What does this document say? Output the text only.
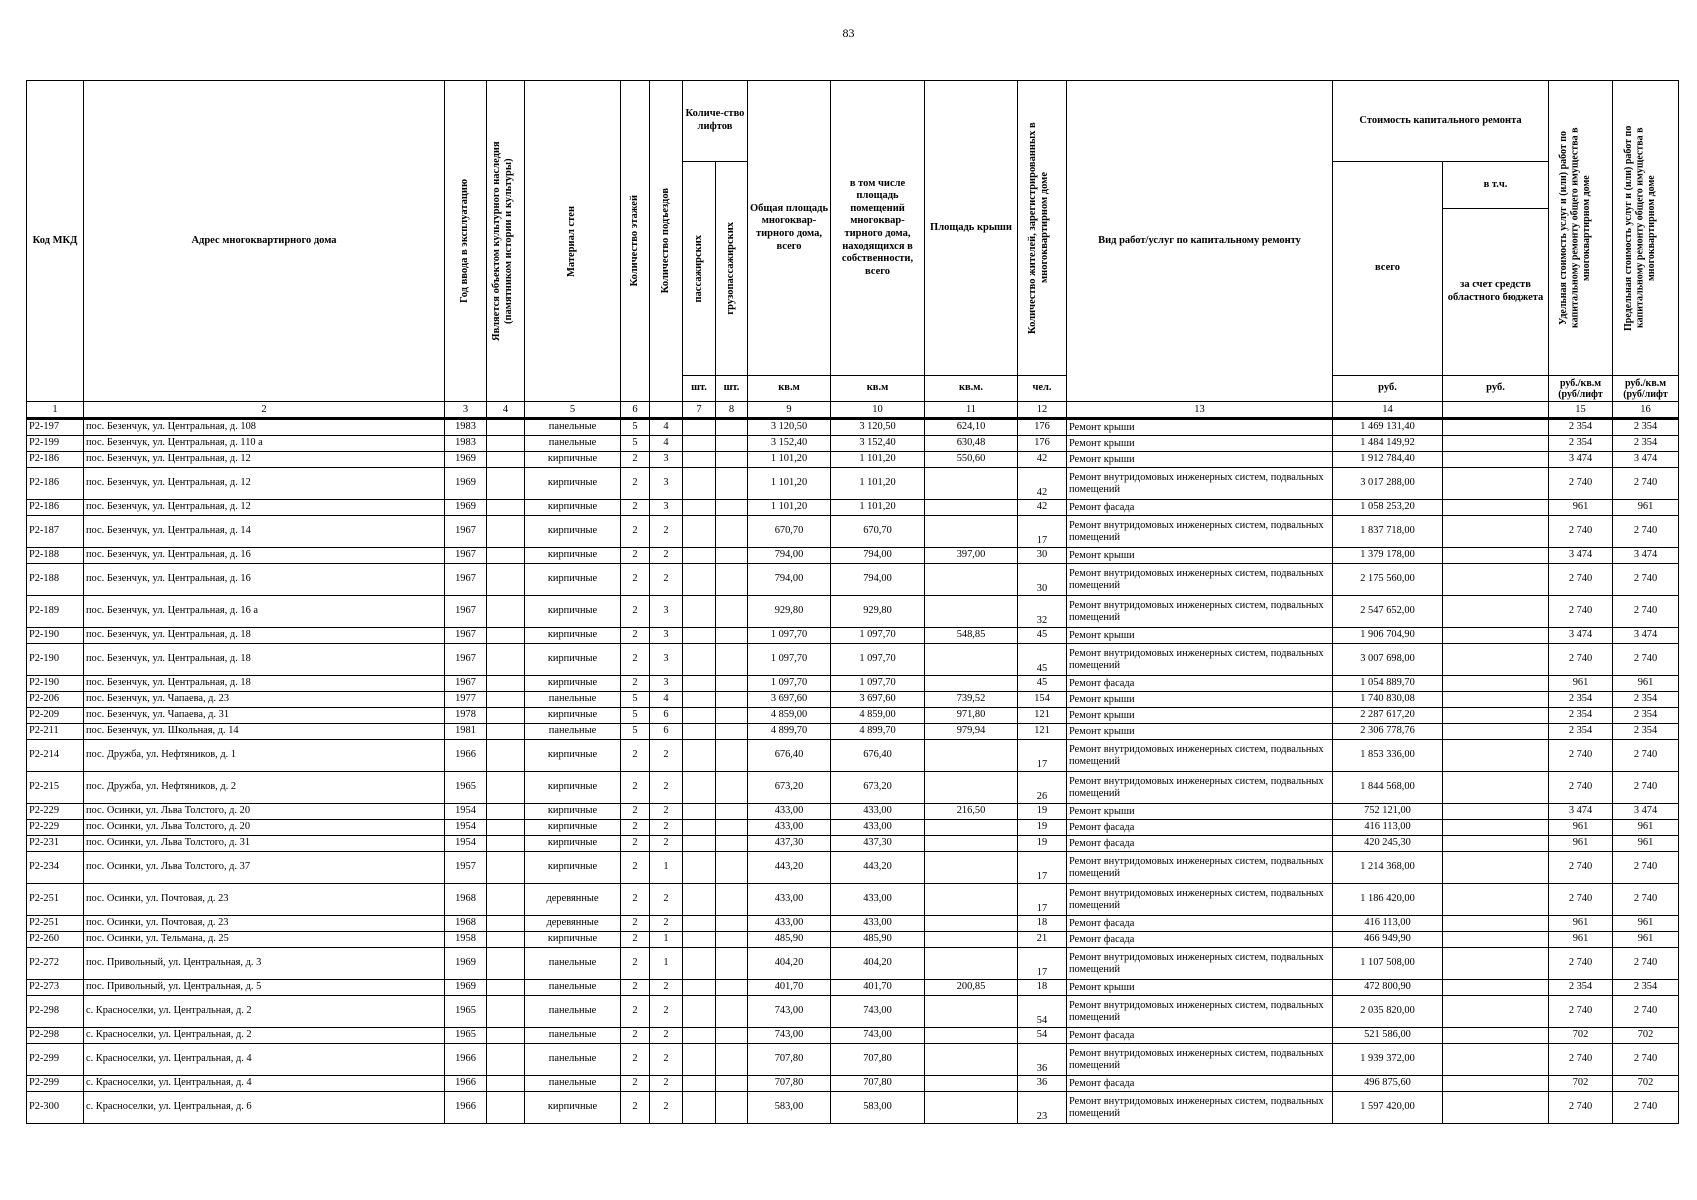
83
Код МКД	Адрес многоквартирного дома	Год ввода в эксплуатацию	Является объектом культурного наследия (памятником истории и культуры)	Материал стен	Количество этажей	Количество подъездов	Количе-ство лифтов		Общая площадь многоквар-тирного дома, всего	в том числе площадь помещений многоквар-тирного дома, находящихся в собственности, всего	Площадь крыши	Количество жителей, зарегистрированных в многоквартирном доме	Вид работ/услуг по капитальному ремонту	Стоимость капитального ремонта		Удельная стоимость услуг и (или) работ по капитальному ремонту общего имущества в многоквартирном доме	Предельная стоимость услуг и (или) работ по капитальному ремонту общего имущества в многоквартирном доме

							пассажирских	грузопассажирских						всего	в т.ч.		
															за счет средств областного бюджета		
							шт.	шт.	кв.м	кв.м	кв.м.	чел.		руб.	руб.	руб./кв.м (руб/лифт	руб./кв.м (руб/лифт
1	2	3	4	5	6		7	8	9	10	11	12	13	14		15	16
Р2-197	пос. Безенчук, ул. Центральная, д. 108	1983		панельные	5	4			3 120,50	3 120,50	624,10	176	Ремонт крыши	1 469 131,40		2 354	2 354
Р2-199	пос. Безенчук, ул. Центральная, д. 110 а	1983		панельные	5	4			3 152,40	3 152,40	630,48	176	Ремонт крыши	1 484 149,92		2 354	2 354
Р2-186	пос. Безенчук, ул. Центральная, д. 12	1969		кирпичные	2	3			1 101,20	1 101,20	550,60	42	Ремонт крыши	1 912 784,40		3 474	3 474
Р2-186	пос. Безенчук, ул. Центральная, д. 12	1969		кирпичные	2	3			1 101,20	1 101,20		42	Ремонт внутридомовых инженерных систем, подвальных помещений	3 017 288,00		2 740	2 740
Р2-186	пос. Безенчук, ул. Центральная, д. 12	1969		кирпичные	2	3			1 101,20	1 101,20		42	Ремонт фасада	1 058 253,20		961	961
Р2-187	пос. Безенчук, ул. Центральная, д. 14	1967		кирпичные	2	2			670,70	670,70		17	Ремонт внутридомовых инженерных систем, подвальных помещений	1 837 718,00		2 740	2 740
Р2-188	пос. Безенчук, ул. Центральная, д. 16	1967		кирпичные	2	2			794,00	794,00	397,00	30	Ремонт крыши	1 379 178,00		3 474	3 474
Р2-188	пос. Безенчук, ул. Центральная, д. 16	1967		кирпичные	2	2			794,00	794,00		30	Ремонт внутридомовых инженерных систем, подвальных помещений	2 175 560,00		2 740	2 740
Р2-189	пос. Безенчук, ул. Центральная, д. 16 а	1967		кирпичные	2	3			929,80	929,80		32	Ремонт внутридомовых инженерных систем, подвальных помещений	2 547 652,00		2 740	2 740
Р2-190	пос. Безенчук, ул. Центральная, д. 18	1967		кирпичные	2	3			1 097,70	1 097,70	548,85	45	Ремонт крыши	1 906 704,90		3 474	3 474
Р2-190	пос. Безенчук, ул. Центральная, д. 18	1967		кирпичные	2	3			1 097,70	1 097,70		45	Ремонт внутридомовых инженерных систем, подвальных помещений	3 007 698,00		2 740	2 740
Р2-190	пос. Безенчук, ул. Центральная, д. 18	1967		кирпичные	2	3			1 097,70	1 097,70		45	Ремонт фасада	1 054 889,70		961	961
Р2-206	пос. Безенчук, ул. Чапаева, д. 23	1977		панельные	5	4			3 697,60	3 697,60	739,52	154	Ремонт крыши	1 740 830,08		2 354	2 354
Р2-209	пос. Безенчук, ул. Чапаева, д. 31	1978		кирпичные	5	6			4 859,00	4 859,00	971,80	121	Ремонт крыши	2 287 617,20		2 354	2 354
Р2-211	пос. Безенчук, ул. Школьная, д. 14	1981		панельные	5	6			4 899,70	4 899,70	979,94	121	Ремонт крыши	2 306 778,76		2 354	2 354
Р2-214	пос. Дружба, ул. Нефтяников, д. 1	1966		кирпичные	2	2			676,40	676,40		17	Ремонт внутридомовых инженерных систем, подвальных помещений	1 853 336,00		2 740	2 740
Р2-215	пос. Дружба, ул. Нефтяников, д. 2	1965		кирпичные	2	2			673,20	673,20		26	Ремонт внутридомовых инженерных систем, подвальных помещений	1 844 568,00		2 740	2 740
Р2-229	пос. Осинки, ул. Льва Толстого, д. 20	1954		кирпичные	2	2			433,00	433,00	216,50	19	Ремонт крыши	752 121,00		3 474	3 474
Р2-229	пос. Осинки, ул. Льва Толстого, д. 20	1954		кирпичные	2	2			433,00	433,00		19	Ремонт фасада	416 113,00		961	961
Р2-231	пос. Осинки, ул. Льва Толстого, д. 31	1954		кирпичные	2	2			437,30	437,30		19	Ремонт фасада	420 245,30		961	961
Р2-234	пос. Осинки, ул. Льва Толстого, д. 37	1957		кирпичные	2	1			443,20	443,20		17	Ремонт внутридомовых инженерных систем, подвальных помещений	1 214 368,00		2 740	2 740
Р2-251	пос. Осинки, ул. Почтовая, д. 23	1968		деревянные	2	2			433,00	433,00		17	Ремонт внутридомовых инженерных систем, подвальных помещений	1 186 420,00		2 740	2 740
Р2-251	пос. Осинки, ул. Почтовая, д. 23	1968		деревянные	2	2			433,00	433,00		18	Ремонт фасада	416 113,00		961	961
Р2-260	пос. Осинки, ул. Тельмана, д. 25	1958		кирпичные	2	1			485,90	485,90		21	Ремонт фасада	466 949,90		961	961
Р2-272	пос. Привольный, ул. Центральная, д. 3	1969		панельные	2	1			404,20	404,20		17	Ремонт внутридомовых инженерных систем, подвальных помещений	1 107 508,00		2 740	2 740
Р2-273	пос. Привольный, ул. Центральная, д. 5	1969		панельные	2	2			401,70	401,70	200,85	18	Ремонт крыши	472 800,90		2 354	2 354
Р2-298	с. Красноселки, ул. Центральная, д. 2	1965		панельные	2	2			743,00	743,00		54	Ремонт внутридомовых инженерных систем, подвальных помещений	2 035 820,00		2 740	2 740
Р2-298	с. Красноселки, ул. Центральная, д. 2	1965		панельные	2	2			743,00	743,00		54	Ремонт фасада	521 586,00		702	702
Р2-299	с. Красноселки, ул. Центральная, д. 4	1966		панельные	2	2			707,80	707,80		36	Ремонт внутридомовых инженерных систем, подвальных помещений	1 939 372,00		2 740	2 740
Р2-299	с. Красноселки, ул. Центральная, д. 4	1966		панельные	2	2			707,80	707,80		36	Ремонт фасада	496 875,60		702	702
Р2-300	с. Красноселки, ул. Центральная, д. 6	1966		кирпичные	2	2			583,00	583,00		23	Ремонт внутридомовых инженерных систем, подвальных помещений	1 597 420,00		2 740	2 740
